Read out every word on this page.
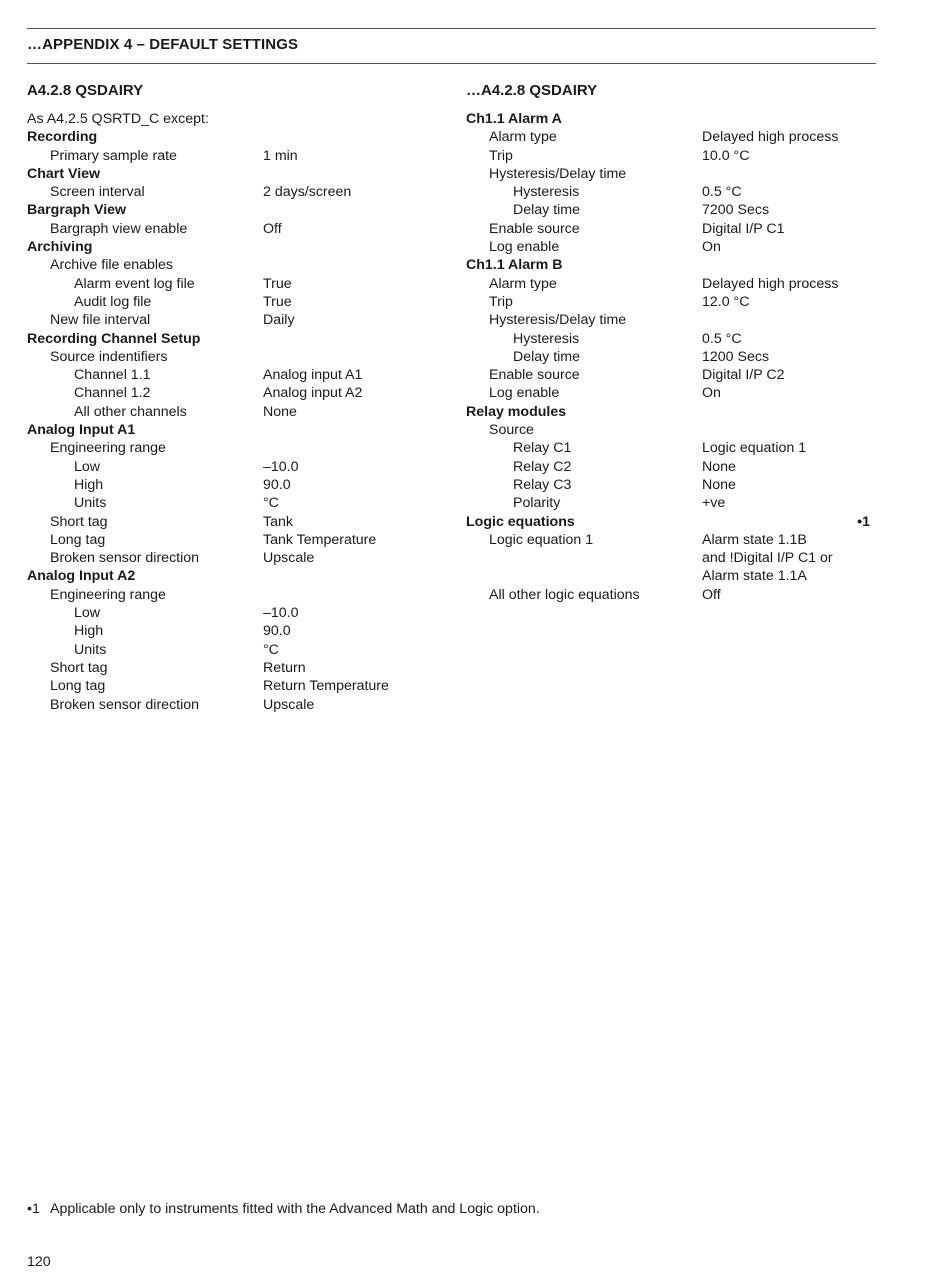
…APPENDIX 4 – DEFAULT SETTINGS
A4.2.8 QSDAIRY	…A4.2.8 QSDAIRY
As A4.2.5 QSRTD_C except:
Recording
Primary sample rate	1 min
Chart View
Screen interval	2 days/screen
Bargraph View
Bargraph view enable	Off
Archiving
Archive file enables
Alarm event log file	True
Audit log file	True
New file interval	Daily
Recording Channel Setup
Source indentifiers
Channel 1.1	Analog input A1
Channel 1.2	Analog input A2
All other channels	None
Analog Input A1
Engineering range
Low	–10.0
High	90.0
Units	°C
Short tag	Tank
Long tag	Tank Temperature
Broken sensor direction	Upscale
Analog Input A2
Engineering range
Low	–10.0
High	90.0
Units	°C
Short tag	Return
Long tag	Return Temperature
Broken sensor direction	Upscale
Ch1.1 Alarm A
Alarm type	Delayed high process
Trip	10.0 °C
Hysteresis/Delay time
Hysteresis	0.5 °C
Delay time	7200 Secs
Enable source	Digital I/P C1
Log enable	On
Ch1.1 Alarm B
Alarm type	Delayed high process
Trip	12.0 °C
Hysteresis/Delay time
Hysteresis	0.5 °C
Delay time	1200 Secs
Enable source	Digital I/P C2
Log enable	On
Relay modules
Source
Relay C1	Logic equation 1
Relay C2	None
Relay C3	None
Polarity	+ve
Logic equations	•1
Logic equation 1	Alarm state 1.1B
and !Digital I/P C1 or
Alarm state 1.1A
All other logic equations	Off
•1 Applicable only to instruments fitted with the Advanced Math and Logic option.
120
